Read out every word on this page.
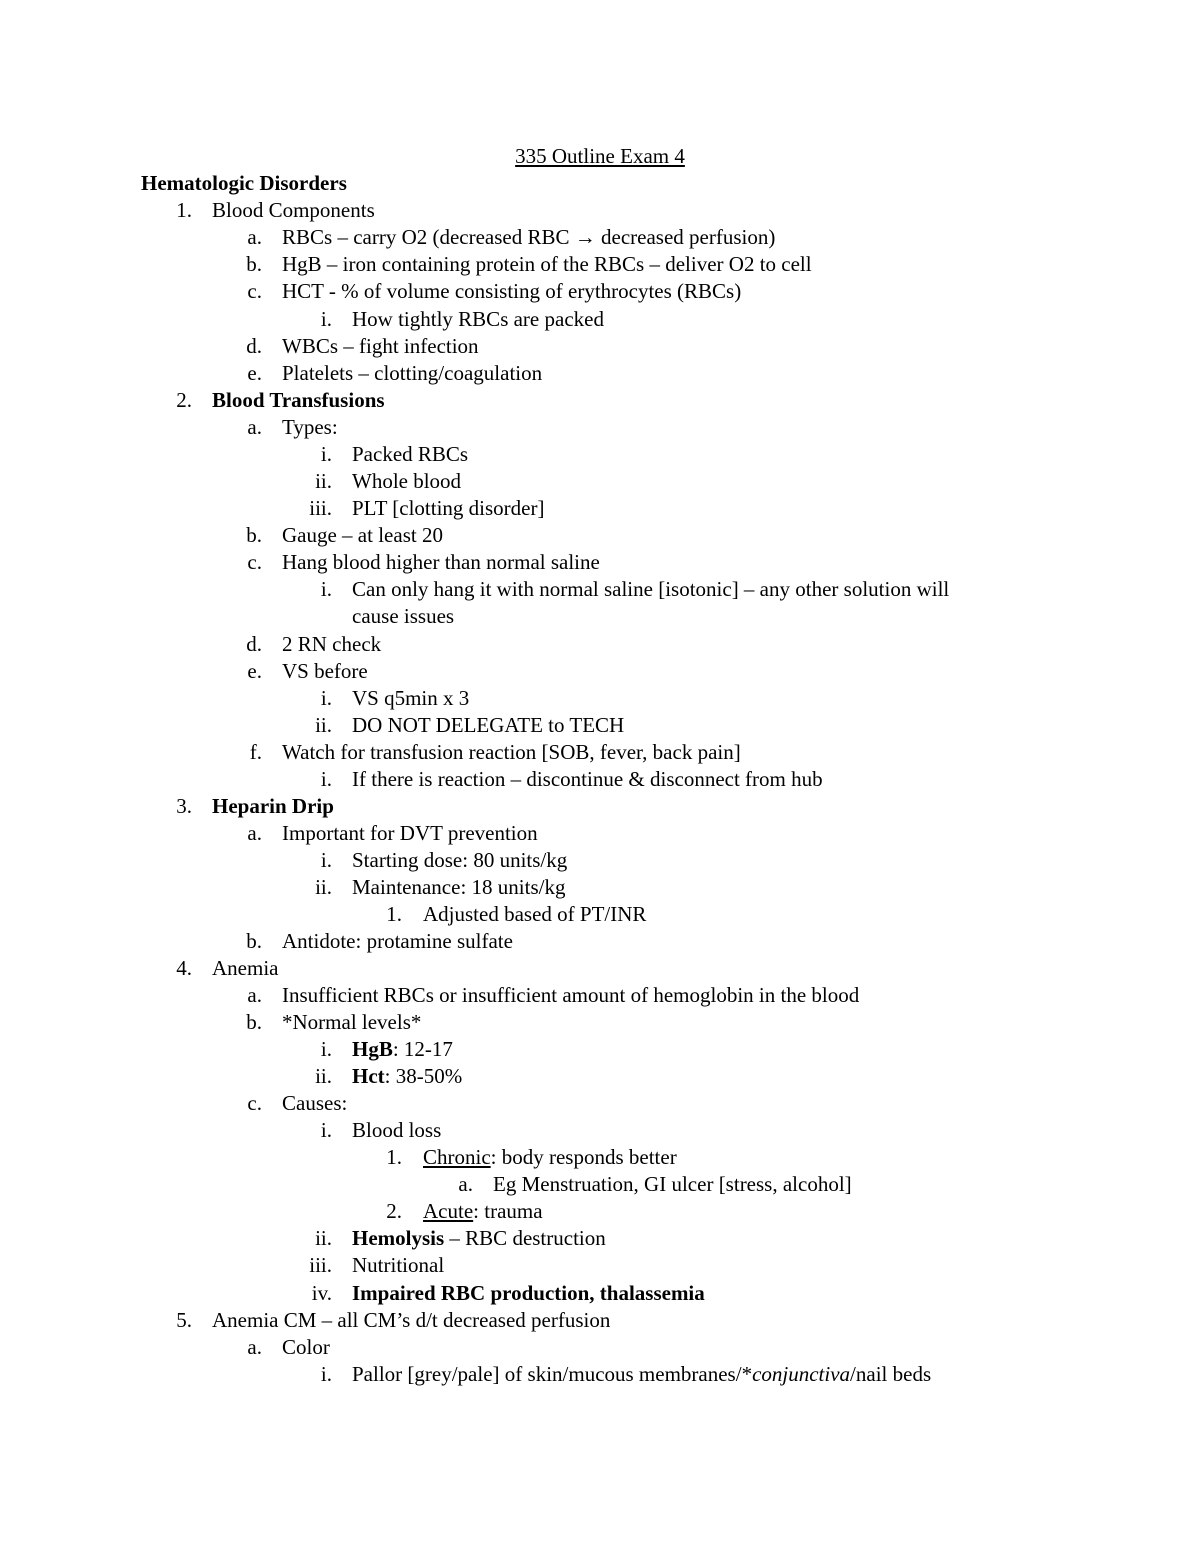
335 Outline Exam 4
Hematologic Disorders
1. Blood Components
a. RBCs – carry O2 (decreased RBC → decreased perfusion)
b. HgB – iron containing protein of the RBCs – deliver O2 to cell
c. HCT - % of volume consisting of erythrocytes (RBCs)
i. How tightly RBCs are packed
d. WBCs – fight infection
e. Platelets – clotting/coagulation
2. Blood Transfusions
a. Types:
i. Packed RBCs
ii. Whole blood
iii. PLT [clotting disorder]
b. Gauge – at least 20
c. Hang blood higher than normal saline
i. Can only hang it with normal saline [isotonic] – any other solution will
cause issues
d. 2 RN check
e. VS before
i. VS q5min x 3
ii. DO NOT DELEGATE to TECH
f. Watch for transfusion reaction [SOB, fever, back pain]
i. If there is reaction – discontinue & disconnect from hub
3. Heparin Drip
a. Important for DVT prevention
i. Starting dose: 80 units/kg
ii. Maintenance: 18 units/kg
1. Adjusted based of PT/INR
b. Antidote: protamine sulfate
4. Anemia
a. Insufficient RBCs or insufficient amount of hemoglobin in the blood
b. *Normal levels*
i. HgB: 12-17
ii. Hct: 38-50%
c. Causes:
i. Blood loss
1. Chronic: body responds better
a. Eg Menstruation, GI ulcer [stress, alcohol]
2. Acute: trauma
ii. Hemolysis – RBC destruction
iii. Nutritional
iv. Impaired RBC production, thalassemia
5. Anemia CM – all CM’s d/t decreased perfusion
a. Color
i. Pallor [grey/pale] of skin/mucous membranes/*conjunctiva/nail beds
